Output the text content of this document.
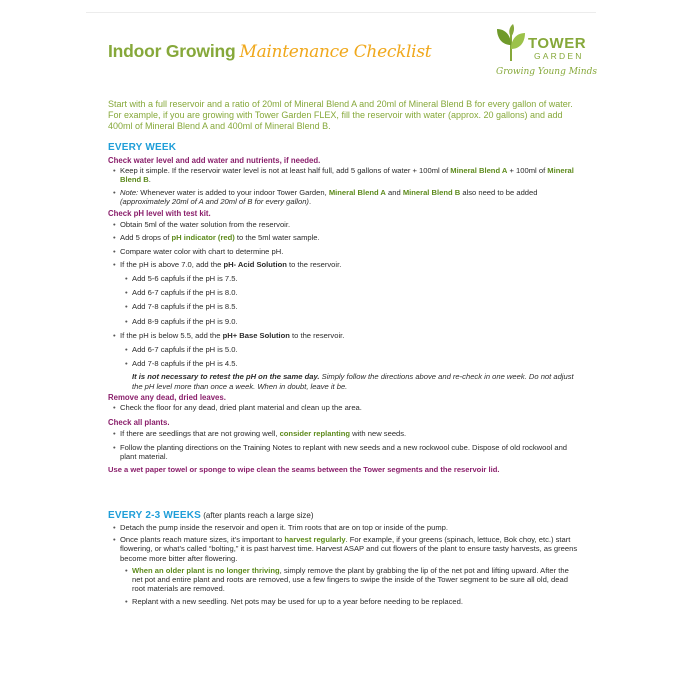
Indoor Growing Maintenance Checklist	TOWER
GARDEN
Growing Young Minds
Start with a full reservoir and a ratio of 20ml of Mineral Blend A and 20ml of Mineral Blend B for every gallon of water. For example, if you are growing with Tower Garden FLEX, fill the reservoir with water (approx. 20 gallons) and add 400ml of Mineral Blend A and 400ml of Mineral Blend B.
EVERY WEEK
Check water level and add water and nutrients, if needed.
• Keep it simple. If the reservoir water level is not at least half full, add 5 gallons of water + 100ml of Mineral Blend A + 100ml of Mineral Blend B.
• Note: Whenever water is added to your indoor Tower Garden, Mineral Blend A and Mineral Blend B also need to be added (approximately 20ml of A and 20ml of B for every gallon).
Check pH level with test kit.
• Obtain 5ml of the water solution from the reservoir.
• Add 5 drops of pH indicator (red) to the 5ml water sample.
• Compare water color with chart to determine pH.
• If the pH is above 7.0, add the pH- Acid Solution to the reservoir.
• Add 5-6 capfuls if the pH is 7.5.
• Add 6-7 capfuls if the pH is 8.0.
• Add 7-8 capfuls if the pH is 8.5.
• Add 8-9 capfuls if the pH is 9.0.
• If the pH is below 5.5, add the pH+ Base Solution to the reservoir.
• Add 6-7 capfuls if the pH is 5.0.
• Add 7-8 capfuls if the pH is 4.5.
It is not necessary to retest the pH on the same day. Simply follow the directions above and re-check in one week. Do not adjust the pH level more than once a week. When in doubt, leave it be.
Remove any dead, dried leaves.
• Check the floor for any dead, dried plant material and clean up the area.
Check all plants.
• If there are seedlings that are not growing well, consider replanting with new seeds.
• Follow the planting directions on the Training Notes to replant with new seeds and a new rockwool cube. Dispose of old rockwool and plant material.
Use a wet paper towel or sponge to wipe clean the seams between the Tower segments and the reservoir lid.
EVERY 2-3 WEEKS (after plants reach a large size)
• Detach the pump inside the reservoir and open it. Trim roots that are on top or inside of the pump.
• Once plants reach mature sizes, it's important to harvest regularly. For example, if your greens (spinach, lettuce, Bok choy, etc.) start flowering, or what's called “bolting,” it is past harvest time. Harvest ASAP and cut flowers of the plant to ensure tasty harvests, as greens become more bitter after flowering.
• When an older plant is no longer thriving, simply remove the plant by grabbing the lip of the net pot and lifting upward. After the net pot and entire plant and roots are removed, use a few fingers to swipe the inside of the Tower segment to be sure all old, dead root materials are removed.
• Replant with a new seedling. Net pots may be used for up to a year before needing to be replaced.
